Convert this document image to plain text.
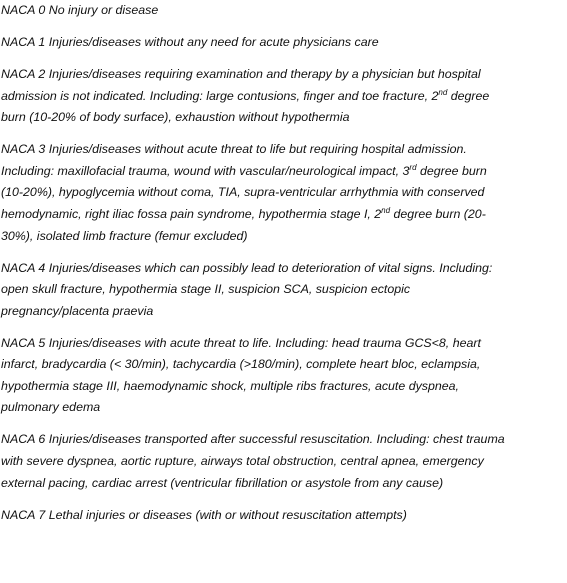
NACA 0 No injury or disease

NACA 1 Injuries/diseases without any need for acute physicians care

NACA 2 Injuries/diseases requiring examination and therapy by a physician but hospital

admission is not indicated. Including: large contusions, finger and toe fracture, 2nd degree

burn (10-20% of body surface), exhaustion without hypothermia

NACA 3 Injuries/diseases without acute threat to life but requiring hospital admission.

Including: maxillofacial trauma, wound with vascular/neurological impact, 3rd degree burn

(10-20%), hypoglycemia without coma, TIA, supra-ventricular arrhythmia with conserved

hemodynamic, right iliac fossa pain syndrome, hypothermia stage I, 2nd degree burn (20-

30%), isolated limb fracture (femur excluded)

NACA 4 Injuries/diseases which can possibly lead to deterioration of vital signs. Including:

open skull fracture, hypothermia stage II, suspicion SCA, suspicion ectopic

pregnancy/placenta praevia

NACA 5 Injuries/diseases with acute threat to life. Including: head trauma GCS<8, heart

infarct, bradycardia (< 30/min), tachycardia (>180/min), complete heart bloc, eclampsia,

hypothermia stage III, haemodynamic shock, multiple ribs fractures, acute dyspnea,

pulmonary edema

NACA 6 Injuries/diseases transported after successful resuscitation. Including: chest trauma

with severe dyspnea, aortic rupture, airways total obstruction, central apnea, emergency

external pacing, cardiac arrest (ventricular fibrillation or asystole from any cause)

NACA 7 Lethal injuries or diseases (with or without resuscitation attempts)
